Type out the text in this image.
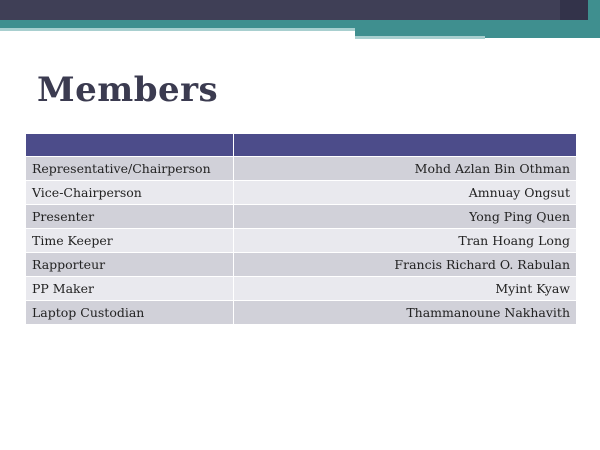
Members

Representative/Chairperson	Mohd Azlan Bin Othman
Vice-Chairperson	Amnuay Ongsut
Presenter	Yong Ping Quen
Time Keeper	Tran Hoang Long
Rapporteur	Francis Richard O. Rabulan
PP Maker	Myint Kyaw
Laptop Custodian	Thammanoune Nakhavith
